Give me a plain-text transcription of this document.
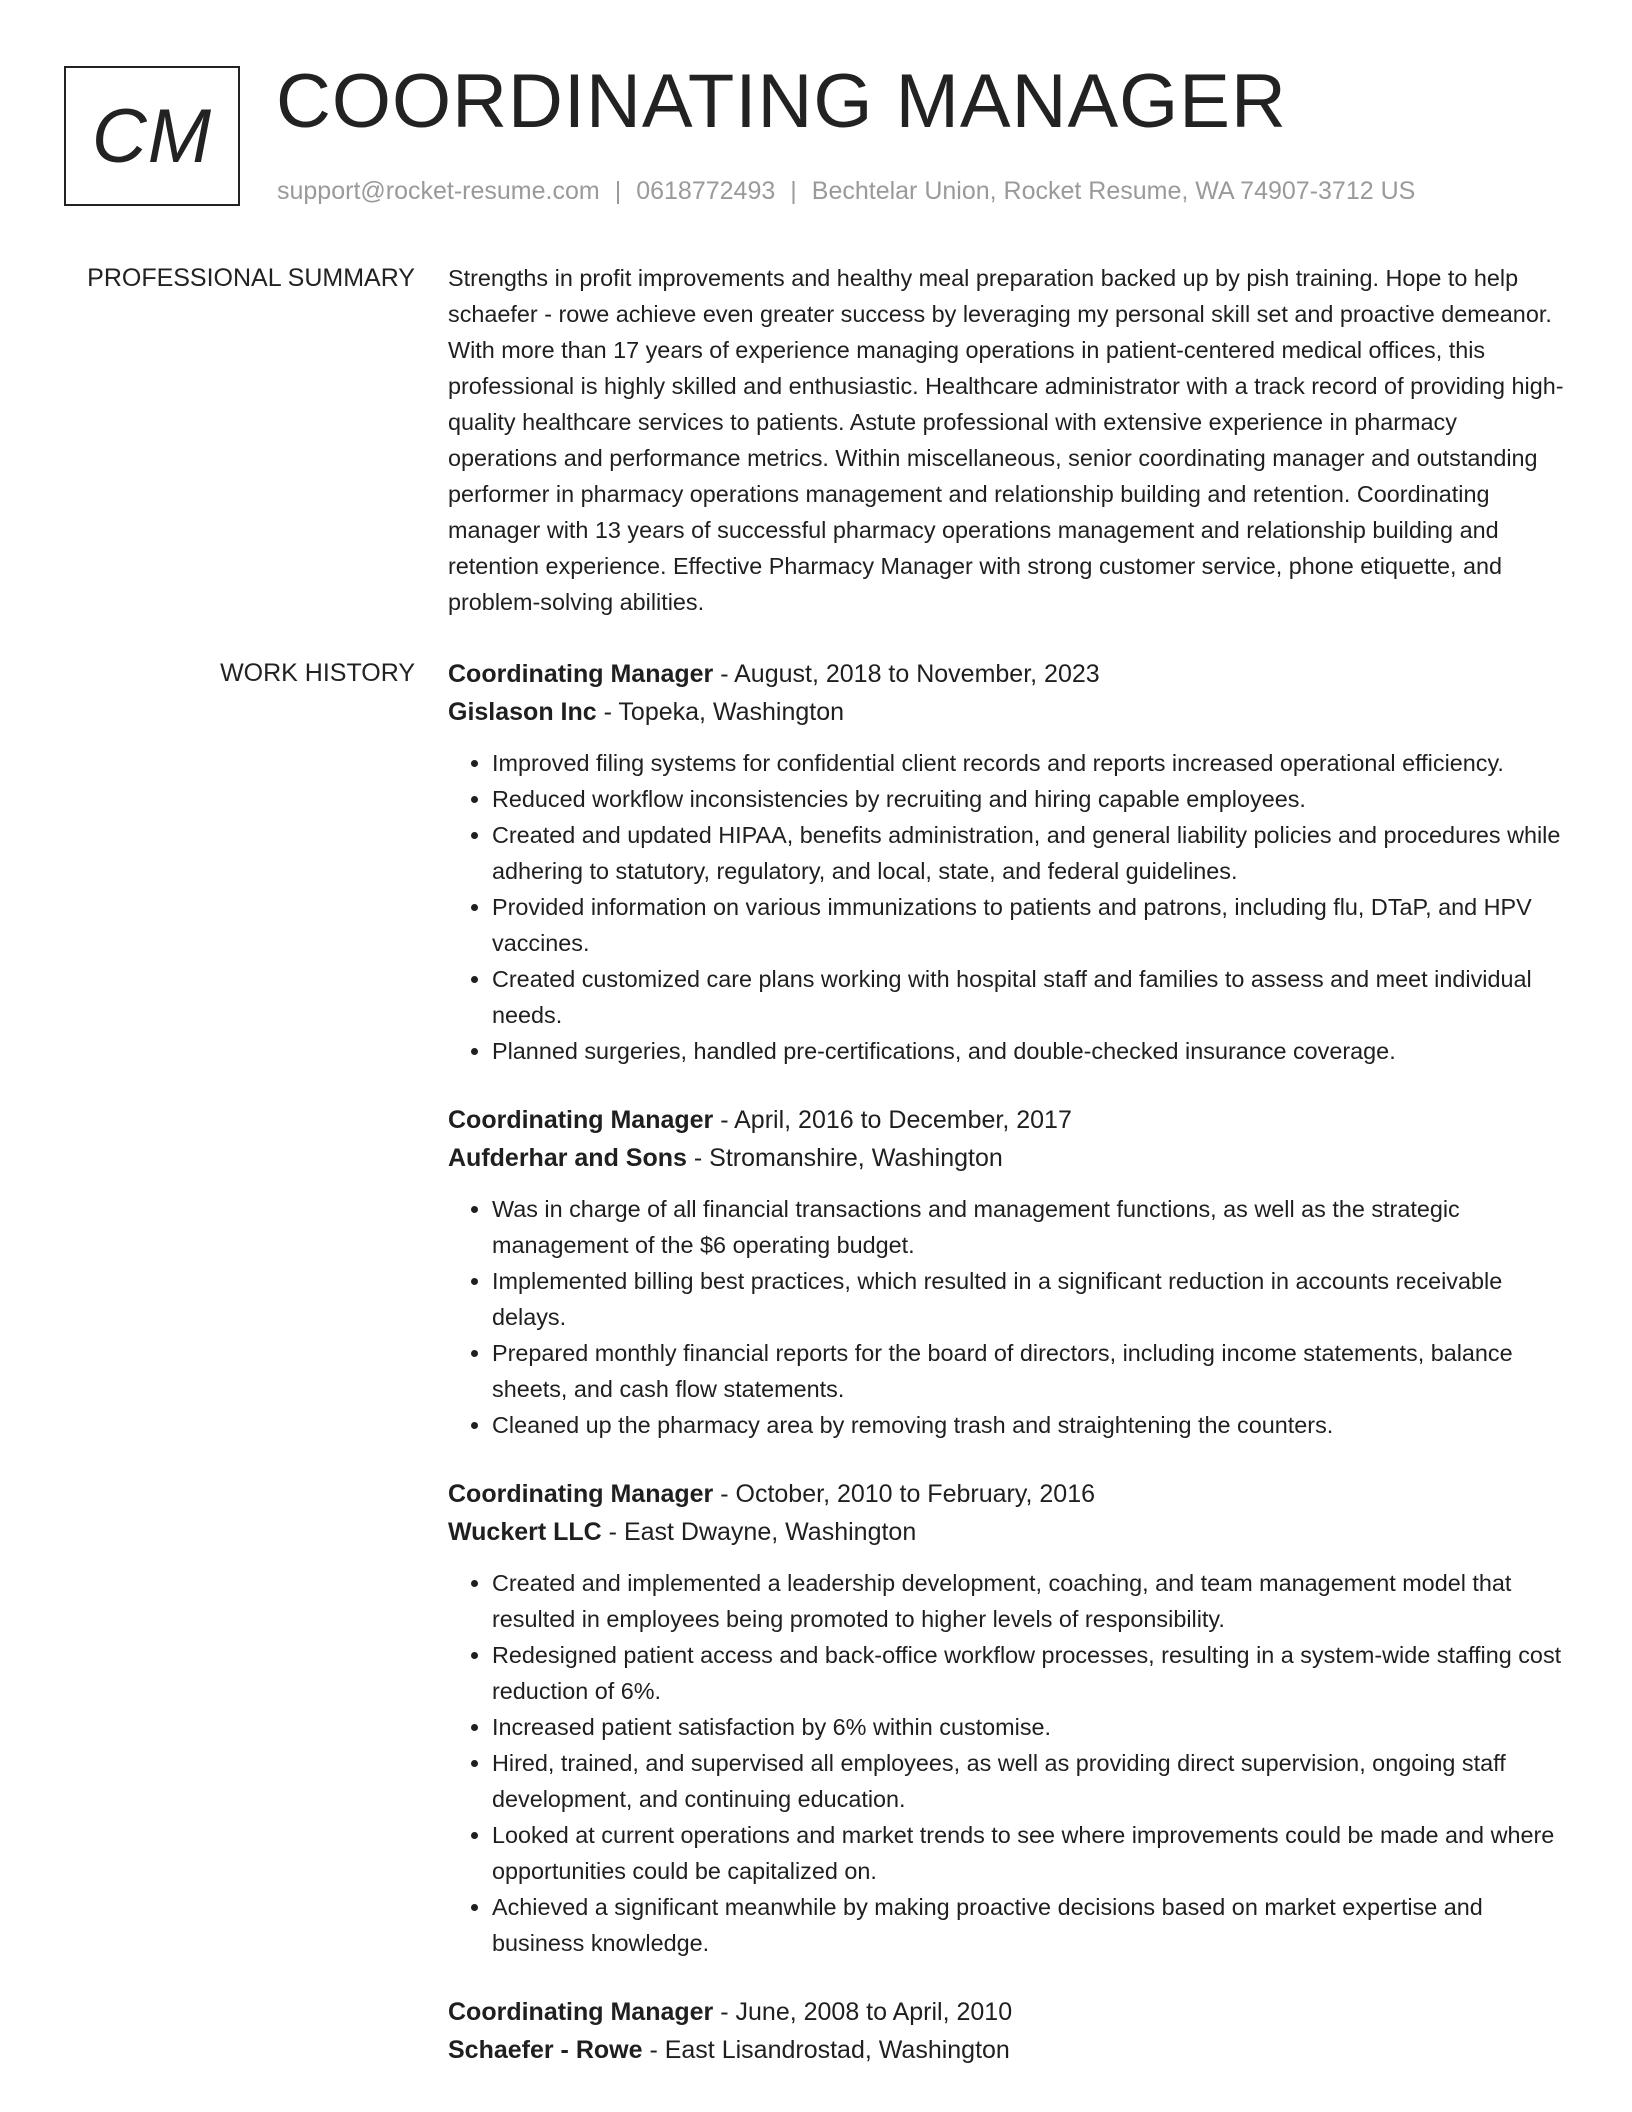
CM COORDINATING MANAGER
support@rocket-resume.com | 0618772493 | Bechtelar Union, Rocket Resume, WA 74907-3712 US
PROFESSIONAL SUMMARY Strengths in profit improvements and healthy meal preparation backed up by pish training. Hope to help schaefer - rowe achieve even greater success by leveraging my personal skill set and proactive demeanor. With more than 17 years of experience managing operations in patient-centered medical offices, this professional is highly skilled and enthusiastic. Healthcare administrator with a track record of providing high-quality healthcare services to patients. Astute professional with extensive experience in pharmacy operations and performance metrics. Within miscellaneous, senior coordinating manager and outstanding performer in pharmacy operations management and relationship building and retention. Coordinating manager with 13 years of successful pharmacy operations management and relationship building and retention experience. Effective Pharmacy Manager with strong customer service, phone etiquette, and problem-solving abilities.

WORK HISTORY Coordinating Manager - August, 2018 to November, 2023
Gislason Inc - Topeka, Washington
• Improved filing systems for confidential client records and reports increased operational efficiency.
• Reduced workflow inconsistencies by recruiting and hiring capable employees.
• Created and updated HIPAA, benefits administration, and general liability policies and procedures while adhering to statutory, regulatory, and local, state, and federal guidelines.
• Provided information on various immunizations to patients and patrons, including flu, DTaP, and HPV vaccines.
• Created customized care plans working with hospital staff and families to assess and meet individual needs.
• Planned surgeries, handled pre-certifications, and double-checked insurance coverage.
Coordinating Manager - April, 2016 to December, 2017
Aufderhar and Sons - Stromanshire, Washington
• Was in charge of all financial transactions and management functions, as well as the strategic management of the $6 operating budget.
• Implemented billing best practices, which resulted in a significant reduction in accounts receivable delays.
• Prepared monthly financial reports for the board of directors, including income statements, balance sheets, and cash flow statements.
• Cleaned up the pharmacy area by removing trash and straightening the counters.
Coordinating Manager - October, 2010 to February, 2016
Wuckert LLC - East Dwayne, Washington
• Created and implemented a leadership development, coaching, and team management model that resulted in employees being promoted to higher levels of responsibility.
• Redesigned patient access and back-office workflow processes, resulting in a system-wide staffing cost reduction of 6%.
• Increased patient satisfaction by 6% within customise.
• Hired, trained, and supervised all employees, as well as providing direct supervision, ongoing staff development, and continuing education.
• Looked at current operations and market trends to see where improvements could be made and where opportunities could be capitalized on.
• Achieved a significant meanwhile by making proactive decisions based on market expertise and business knowledge.
Coordinating Manager - June, 2008 to April, 2010
Schaefer - Rowe - East Lisandrostad, Washington
